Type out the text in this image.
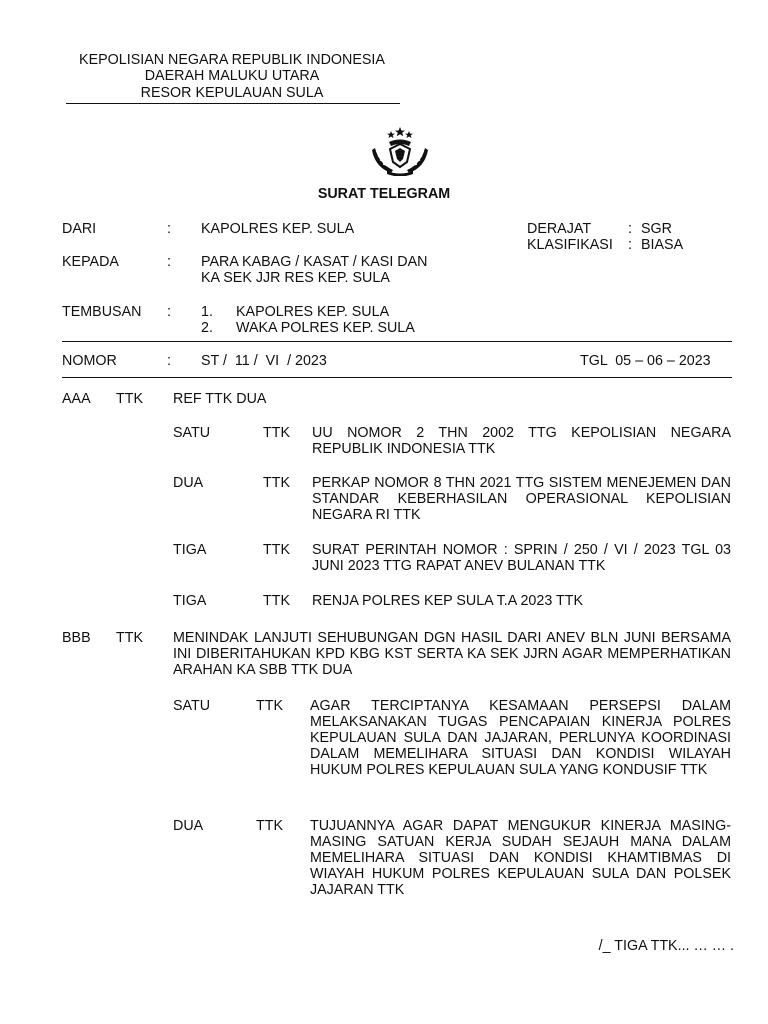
KEPOLISIAN NEGARA REPUBLIK INDONESIA
DAERAH MALUKU UTARA
RESOR KEPULAUAN SULA
SURAT TELEGRAM
DARI	: KAPOLRES KEP. SULA	DERAJAT	: SGR
KLASIFIKASI : BIASA
KEPADA	: PARA KABAG / KASAT / KASI DAN
KA SEK JJR RES KEP. SULA
TEMBUSAN : 1. KAPOLRES KEP. SULA
2. WAKA POLRES KEP. SULA
NOMOR	: ST /  11 /  VI  / 2023	TGL  05 – 06 – 2023
AAA TTK REF TTK DUA
SATU	TTK UU NOMOR 2 THN 2002 TTG KEPOLISIAN NEGARA REPUBLIK INDONESIA TTK
DUA	TTK PERKAP NOMOR 8 THN 2021 TTG SISTEM MENEJEMEN DAN STANDAR KEBERHASILAN OPERASIONAL KEPOLISIAN NEGARA RI TTK
TIGA	TTK SURAT PERINTAH NOMOR : SPRIN / 250 / VI / 2023 TGL 03 JUNI 2023 TTG RAPAT ANEV BULANAN TTK
TIGA	TTK RENJA POLRES KEP SULA T.A 2023 TTK
BBB TTK MENINDAK LANJUTI SEHUBUNGAN DGN HASIL DARI ANEV BLN JUNI BERSAMA INI DIBERITAHUKAN KPD KBG KST SERTA KA SEK JJRN AGAR MEMPERHATIKAN ARAHAN KA SBB TTK DUA
SATU	TTK AGAR TERCIPTANYA KESAMAAN PERSEPSI DALAM MELAKSANAKAN TUGAS PENCAPAIAN KINERJA POLRES KEPULAUAN SULA DAN JAJARAN, PERLUNYA KOORDINASI DALAM MEMELIHARA SITUASI DAN KONDISI WILAYAH HUKUM POLRES KEPULAUAN SULA YANG KONDUSIF TTK
DUA	TTK TUJUANNYA AGAR DAPAT MENGUKUR KINERJA MASING-MASING SATUAN KERJA SUDAH SEJAUH MANA DALAM MEMELIHARA SITUASI DAN KONDISI KHAMTIBMAS DI WIAYAH HUKUM POLRES KEPULAUAN SULA DAN POLSEK JAJARAN TTK
/_ TIGA TTK... … … .
